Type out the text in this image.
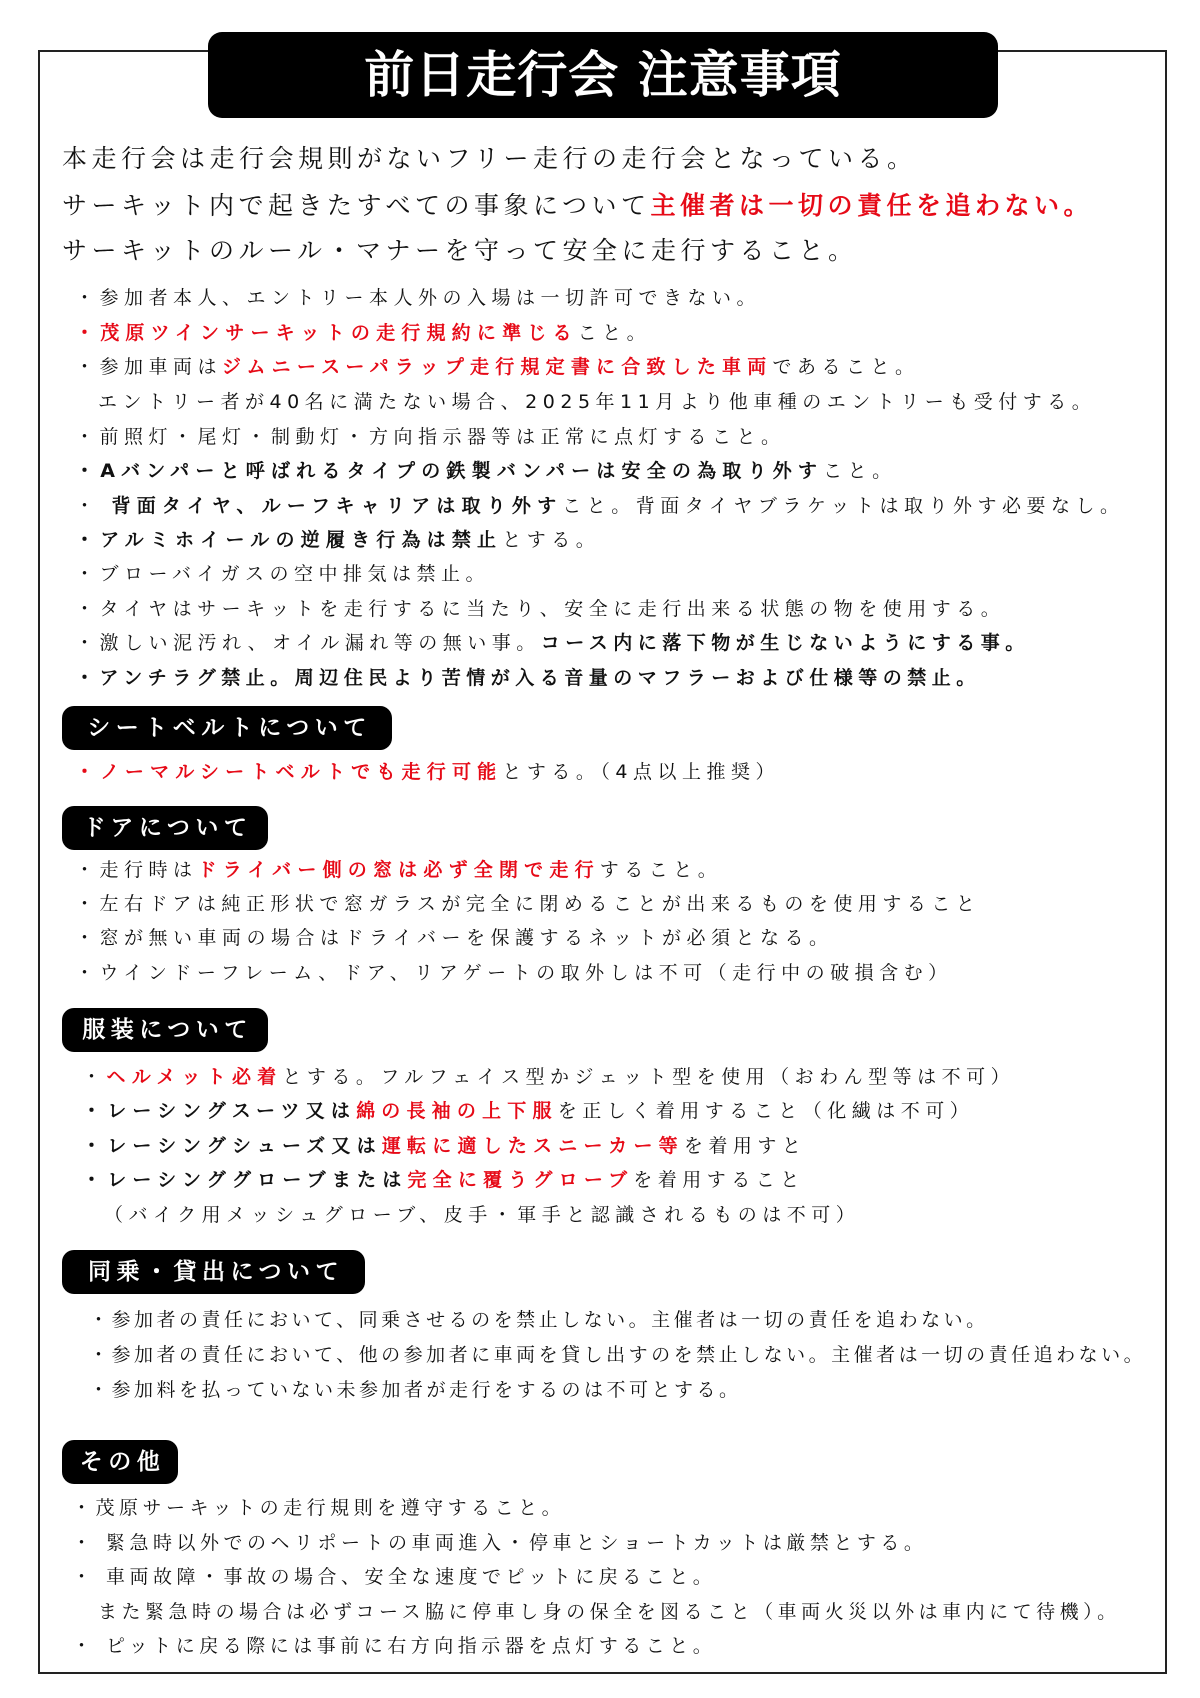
前日走行会 注意事項
本走行会は走行会規則がないフリー走行の走行会となっている。
サーキット内で起きたすべての事象について主催者は一切の責任を追わない。
サーキットのルール・マナーを守って安全に走行すること。
・参加者本人、エントリー本人外の入場は一切許可できない。
・茂原ツインサーキットの走行規約に準じること。
・参加車両はジムニースーパラップ走行規定書に合致した車両であること。
エントリー者が40名に満たない場合、2025年11月より他車種のエントリーも受付する。
・前照灯・尾灯・制動灯・方向指示器等は正常に点灯すること。
・Aバンパーと呼ばれるタイプの鉄製バンパーは安全の為取り外すこと。
・ 背面タイヤ、ルーフキャリアは取り外すこと。背面タイヤブラケットは取り外す必要なし。
・アルミホイールの逆履き行為は禁止とする。
・ブローバイガスの空中排気は禁止。
・タイヤはサーキットを走行するに当たり、安全に走行出来る状態の物を使用する。
・激しい泥汚れ、オイル漏れ等の無い事。コース内に落下物が生じないようにする事。
・アンチラグ禁止。周辺住民より苦情が入る音量のマフラーおよび仕様等の禁止。
シートベルトについて
・ノーマルシートベルトでも走行可能とする。（4点以上推奨）
ドアについて
・走行時はドライバー側の窓は必ず全閉で走行すること。
・左右ドアは純正形状で窓ガラスが完全に閉めることが出来るものを使用すること
・窓が無い車両の場合はドライバーを保護するネットが必須となる。
・ウインドーフレーム、ドア、リアゲートの取外しは不可（走行中の破損含む）
服装について
・ヘルメット必着とする。フルフェイス型かジェット型を使用（おわん型等は不可）
・レーシングスーツ又は綿の長袖の上下服を正しく着用すること（化繊は不可）
・レーシングシューズ又は運転に適したスニーカー等を着用すと
・レーシンググローブまたは完全に覆うグローブを着用すること
（バイク用メッシュグローブ、皮手・軍手と認識されるものは不可）
同乗・貸出について
・参加者の責任において、同乗させるのを禁止しない。主催者は一切の責任を追わない。
・参加者の責任において、他の参加者に車両を貸し出すのを禁止しない。主催者は一切の責任追わない。
・参加料を払っていない未参加者が走行をするのは不可とする。
その他
・茂原サーキットの走行規則を遵守すること。
・ 緊急時以外でのヘリポートの車両進入・停車とショートカットは厳禁とする。
・ 車両故障・事故の場合、安全な速度でピットに戻ること。
また緊急時の場合は必ずコース脇に停車し身の保全を図ること（車両火災以外は車内にて待機）。
・ ピットに戻る際には事前に右方向指示器を点灯すること。
